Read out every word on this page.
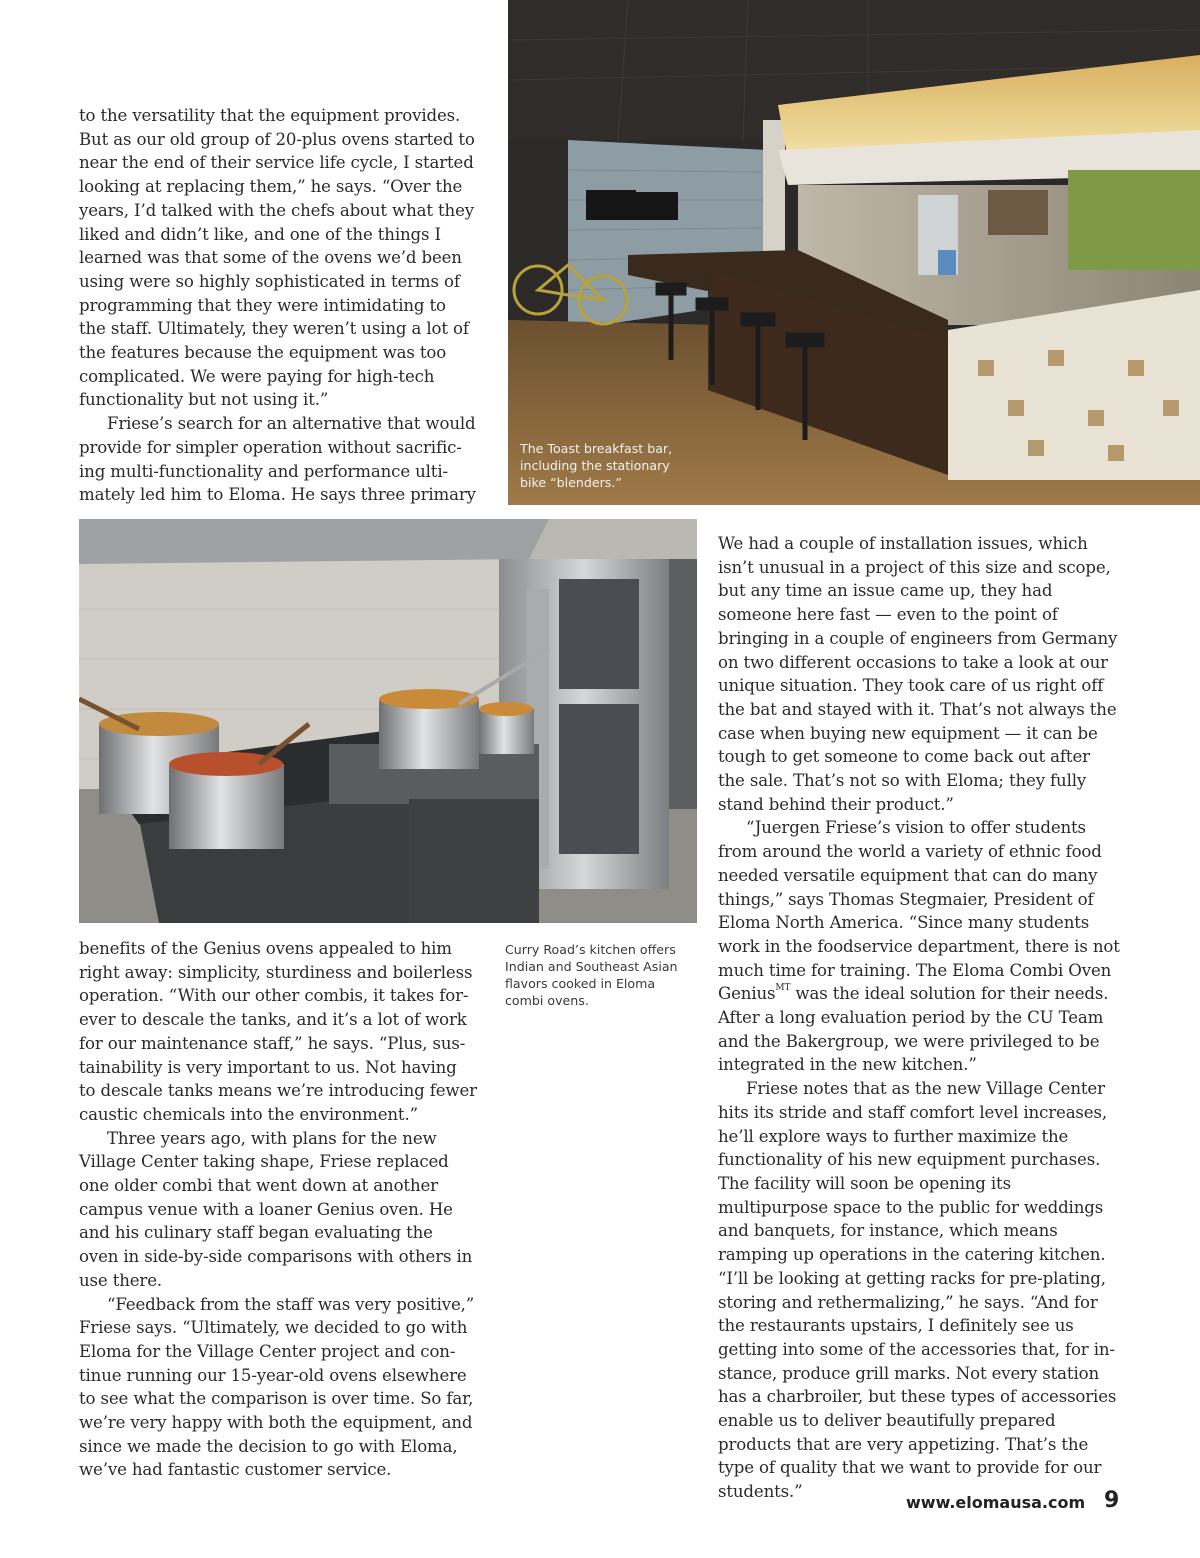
to the versatility that the equipment provides. But as our old group of 20-plus ovens started to near the end of their service life cycle, I started looking at replacing them,” he says. “Over the years, I’d talked with the chefs about what they liked and didn’t like, and one of the things I learned was that some of the ovens we’d been using were so highly sophisticated in terms of programming that they were intimidating to the staff. Ultimately, they weren’t using a lot of the features because the equipment was too complicated. We were paying for high-tech functionality but not using it.”

Friese’s search for an alternative that would provide for simpler operation without sacrificing multi-functionality and performance ultimately led him to Eloma. He says three primary

The Toast breakfast bar, including the stationary bike “blenders.”

benefits of the Genius ovens appealed to him right away: simplicity, sturdiness and boilerless operation. “With our other combis, it takes forever to descale the tanks, and it’s a lot of work for our maintenance staff,” he says. “Plus, sustainability is very important to us. Not having to descale tanks means we’re introducing fewer caustic chemicals into the environment.”

Three years ago, with plans for the new Village Center taking shape, Friese replaced one older combi that went down at another campus venue with a loaner Genius oven. He and his culinary staff began evaluating the oven in side-by-side comparisons with others in use there.

“Feedback from the staff was very positive,” Friese says. “Ultimately, we decided to go with Eloma for the Village Center project and continue running our 15-year-old ovens elsewhere to see what the comparison is over time. So far, we’re very happy with both the equipment, and since we made the decision to go with Eloma, we’ve had fantastic customer service.

Curry Road’s kitchen offers Indian and Southeast Asian flavors cooked in Eloma combi ovens.

We had a couple of installation issues, which isn’t unusual in a project of this size and scope, but any time an issue came up, they had someone here fast — even to the point of bringing in a couple of engineers from Germany on two different occasions to take a look at our unique situation. They took care of us right off the bat and stayed with it. That’s not always the case when buying new equipment — it can be tough to get someone to come back out after the sale. That’s not so with Eloma; they fully stand behind their product.”

“Juergen Friese’s vision to offer students from around the world a variety of ethnic food needed versatile equipment that can do many things,” says Thomas Stegmaier, President of Eloma North America. “Since many students work in the foodservice department, there is not much time for training. The Eloma Combi Oven Genius$^{MT}$ was the ideal solution for their needs. After a long evaluation period by the CU Team and the Bakergroup, we were privileged to be integrated in the new kitchen.”

Friese notes that as the new Village Center hits its stride and staff comfort level increases, he’ll explore ways to further maximize the functionality of his new equipment purchases. The facility will soon be opening its multipurpose space to the public for weddings and banquets, for instance, which means ramping up operations in the catering kitchen. “I’ll be looking at getting racks for pre-plating, storing and rethermalizing,” he says. “And for the restaurants upstairs, I definitely see us getting into some of the accessories that, for instance, produce grill marks. Not every station has a charbroiler, but these types of accessories enable us to deliver beautifully prepared products that are very appetizing. That’s the type of quality that we want to provide for our students.”

www.elomausa.com 9
